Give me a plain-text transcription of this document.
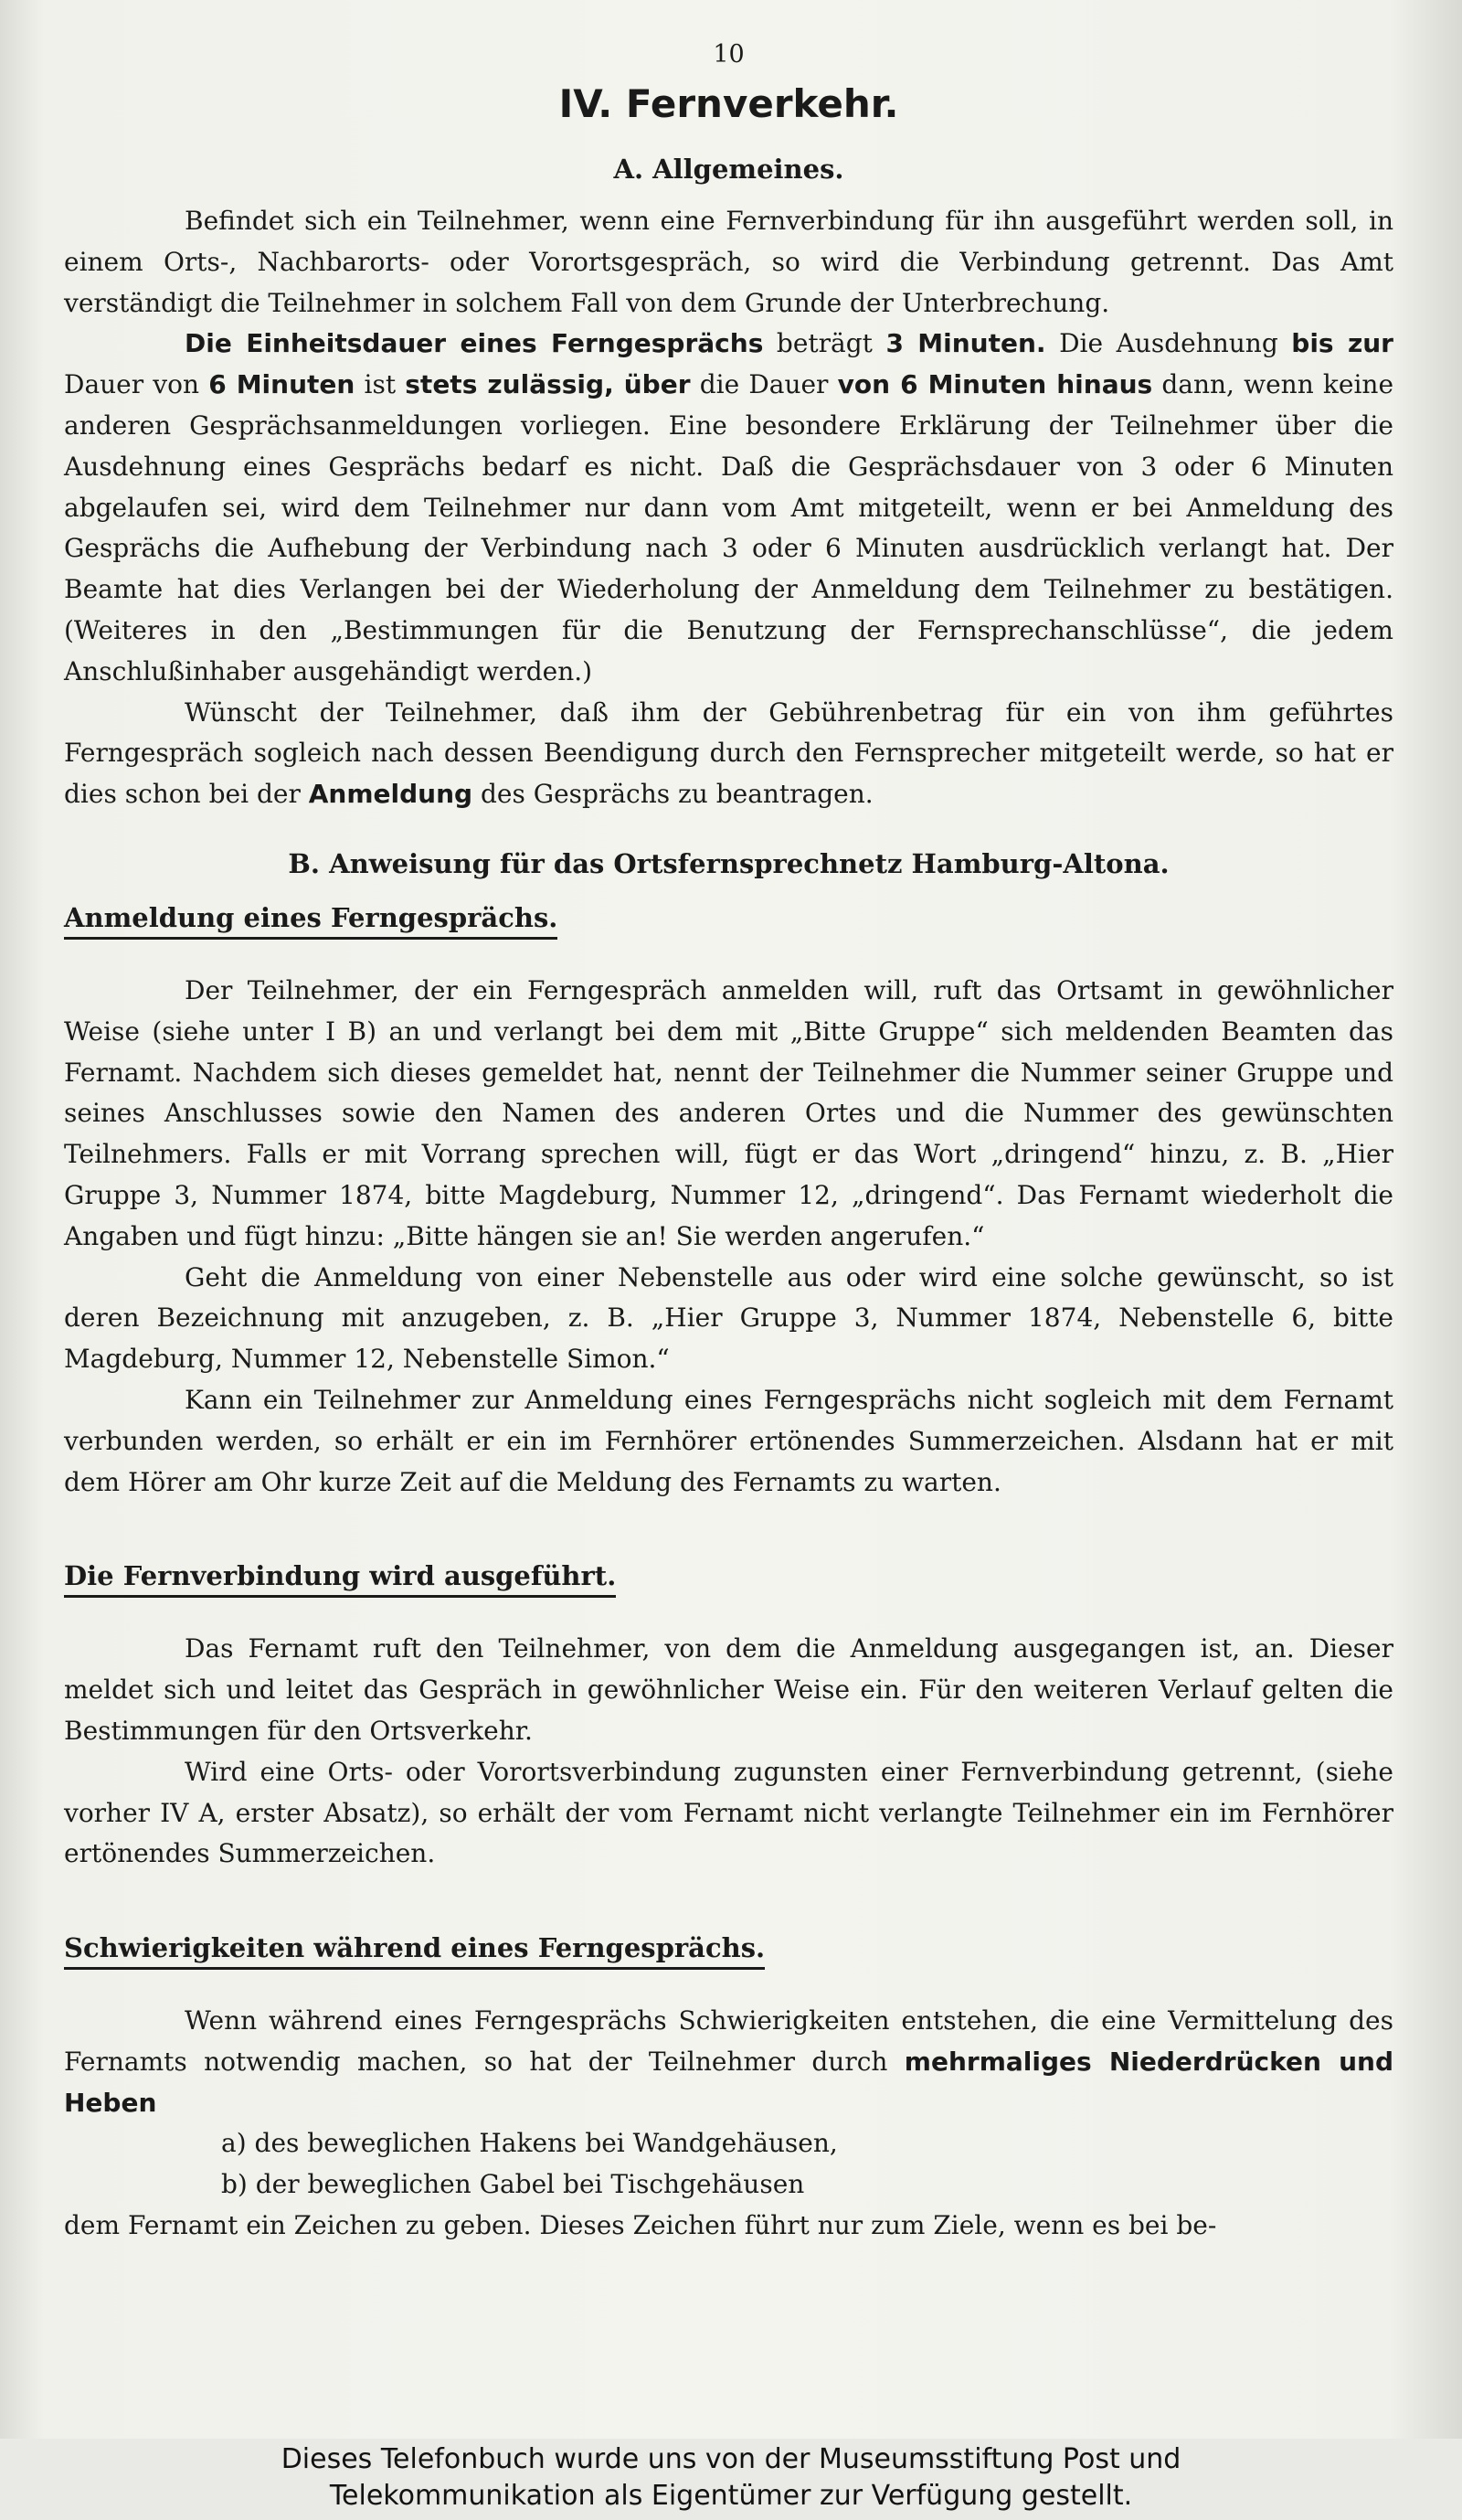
10
IV. Fernverkehr.
A. Allgemeines.

Befindet sich ein Teilnehmer, wenn eine Fernverbindung für ihn ausgeführt werden soll, in einem Orts-, Nachbarorts- oder Vorortsgespräch, so wird die Verbindung getrennt. Das Amt verständigt die Teilnehmer in solchem Fall von dem Grunde der Unterbrechung.

Die Einheitsdauer eines Ferngesprächs beträgt 3 Minuten. Die Ausdehnung bis zur Dauer von 6 Minuten ist stets zulässig, über die Dauer von 6 Minuten hinaus dann, wenn keine anderen Gesprächsanmeldungen vorliegen. Eine besondere Erklärung der Teilnehmer über die Ausdehnung eines Gesprächs bedarf es nicht. Daß die Gesprächsdauer von 3 oder 6 Minuten abgelaufen sei, wird dem Teilnehmer nur dann vom Amt mitgeteilt, wenn er bei Anmeldung des Gesprächs die Aufhebung der Verbindung nach 3 oder 6 Minuten ausdrücklich verlangt hat. Der Beamte hat dies Verlangen bei der Wiederholung der Anmeldung dem Teilnehmer zu bestätigen. (Weiteres in den „Bestimmungen für die Benutzung der Fernsprechanschlüsse“, die jedem Anschlußinhaber ausgehändigt werden.)

Wünscht der Teilnehmer, daß ihm der Gebührenbetrag für ein von ihm geführtes Ferngespräch sogleich nach dessen Beendigung durch den Fernsprecher mitgeteilt werde, so hat er dies schon bei der Anmeldung des Gesprächs zu beantragen.

B. Anweisung für das Ortsfernsprechnetz Hamburg-Altona.
Anmeldung eines Ferngesprächs.

Der Teilnehmer, der ein Ferngespräch anmelden will, ruft das Ortsamt in gewöhnlicher Weise (siehe unter I B) an und verlangt bei dem mit „Bitte Gruppe“ sich meldenden Beamten das Fernamt. Nachdem sich dieses gemeldet hat, nennt der Teilnehmer die Nummer seiner Gruppe und seines Anschlusses sowie den Namen des anderen Ortes und die Nummer des gewünschten Teilnehmers. Falls er mit Vorrang sprechen will, fügt er das Wort „dringend“ hinzu, z. B. „Hier Gruppe 3, Nummer 1874, bitte Magdeburg, Nummer 12, „dringend“. Das Fernamt wiederholt die Angaben und fügt hinzu: „Bitte hängen sie an! Sie werden angerufen.“

Geht die Anmeldung von einer Nebenstelle aus oder wird eine solche gewünscht, so ist deren Bezeichnung mit anzugeben, z. B. „Hier Gruppe 3, Nummer 1874, Nebenstelle 6, bitte Magdeburg, Nummer 12, Nebenstelle Simon.“

Kann ein Teilnehmer zur Anmeldung eines Ferngesprächs nicht sogleich mit dem Fernamt verbunden werden, so erhält er ein im Fernhörer ertönendes Summerzeichen. Alsdann hat er mit dem Hörer am Ohr kurze Zeit auf die Meldung des Fernamts zu warten.

Die Fernverbindung wird ausgeführt.

Das Fernamt ruft den Teilnehmer, von dem die Anmeldung ausgegangen ist, an. Dieser meldet sich und leitet das Gespräch in gewöhnlicher Weise ein. Für den weiteren Verlauf gelten die Bestimmungen für den Ortsverkehr.

Wird eine Orts- oder Vorortsverbindung zugunsten einer Fernverbindung getrennt, (siehe vorher IV A, erster Absatz), so erhält der vom Fernamt nicht verlangte Teilnehmer ein im Fernhörer ertönendes Summerzeichen.

Schwierigkeiten während eines Ferngesprächs.

Wenn während eines Ferngesprächs Schwierigkeiten entstehen, die eine Vermittelung des Fernamts notwendig machen, so hat der Teilnehmer durch mehrmaliges Niederdrücken und Heben

a) des beweglichen Hakens bei Wandgehäusen,
b) der beweglichen Gabel bei Tischgehäusen

dem Fernamt ein Zeichen zu geben. Dieses Zeichen führt nur zum Ziele, wenn es bei be-

Dieses Telefonbuch wurde uns von der Museumsstiftung Post und
Telekommunikation als Eigentümer zur Verfügung gestellt.
